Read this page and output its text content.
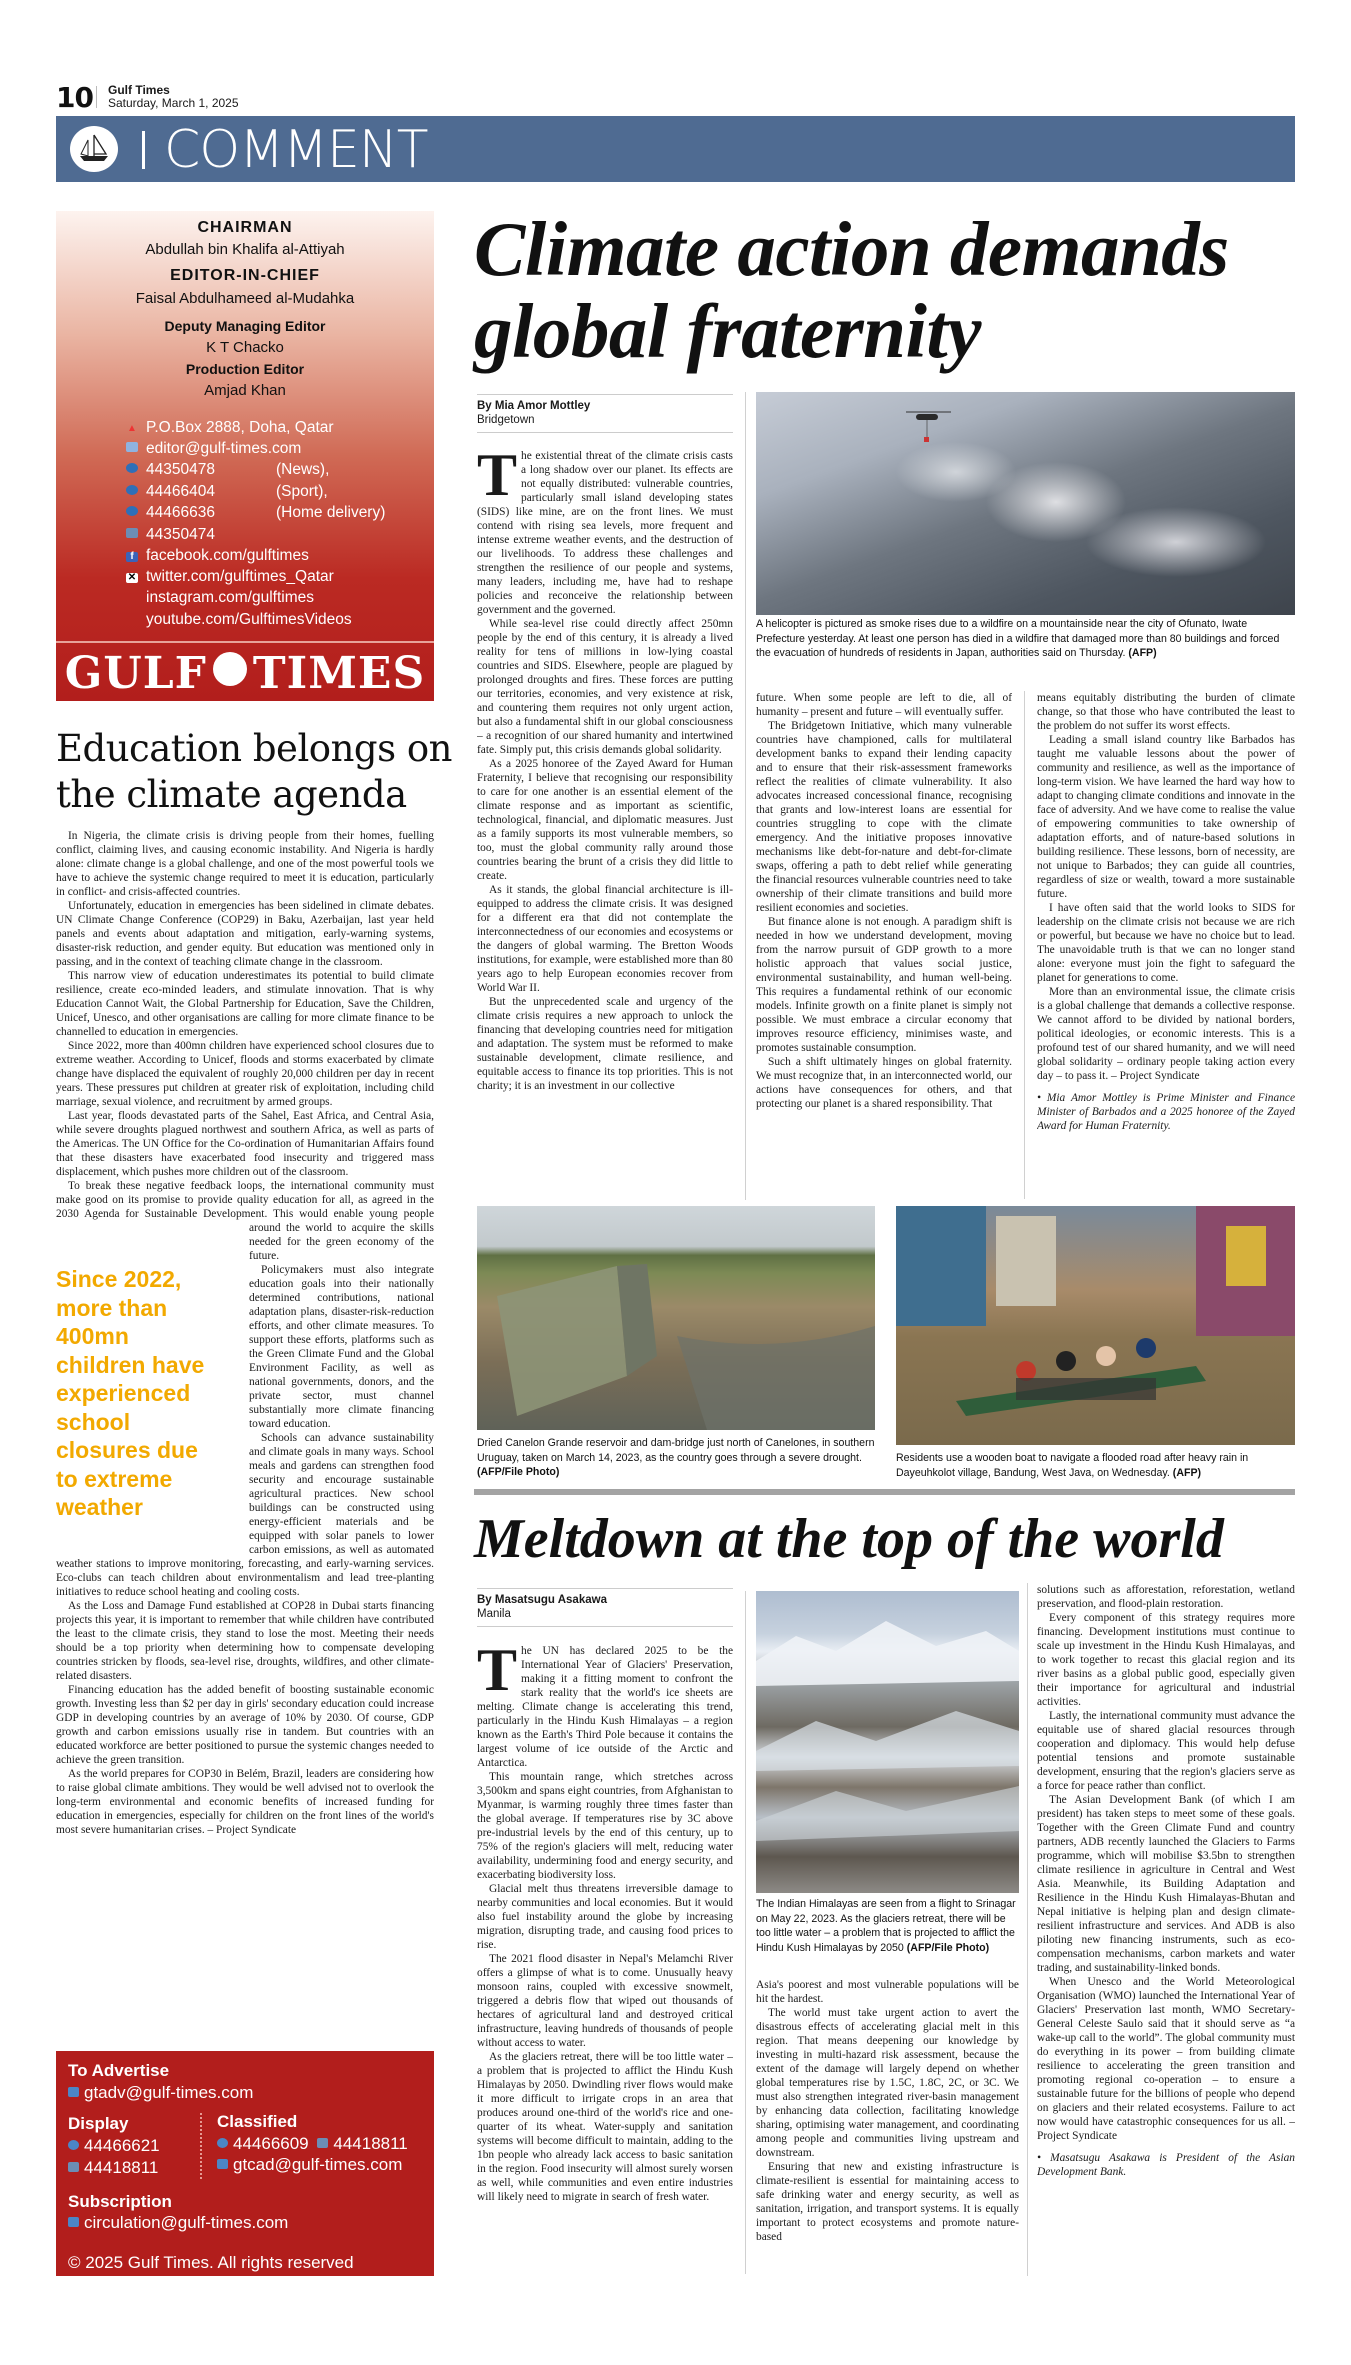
10 Gulf Times
Saturday, March 1, 2025
COMMENT
CHAIRMAN
Abdullah bin Khalifa al-Attiyah
EDITOR-IN-CHIEF
Faisal Abdulhameed al-Mudahka
Deputy Managing Editor
K T Chacko
Production Editor
Amjad Khan
▲ P.O.Box 2888, Doha, Qatar
editor@gulf-times.com
44350478	(News),
44466404	(Sport),
44466636	(Home delivery)
44350474
f facebook.com/gulftimes
✕ twitter.com/gulftimes_Qatar
instagram.com/gulftimes
youtube.com/GulftimesVideos
GULF TIMES
Education belongs on the climate agenda
Since 2022,
more than
400mn
children have
experienced
school
closures due
to extreme
weather

In Nigeria, the climate crisis is driving people from their homes, fuelling conflict, claiming lives, and causing economic instability. And Nigeria is hardly alone: climate change is a global challenge, and one of the most powerful tools we have to achieve the systemic change required to meet it is education, particularly in conflict- and crisis-affected countries.

Unfortunately, education in emergencies has been sidelined in climate debates. UN Climate Change Conference (COP29) in Baku, Azerbaijan, last year held panels and events about adaptation and mitigation, early-warning systems, disaster-risk reduction, and gender equity. But education was mentioned only in passing, and in the context of teaching climate change in the classroom.

This narrow view of education underestimates its potential to build climate resilience, create eco-minded leaders, and stimulate innovation. That is why Education Cannot Wait, the Global Partnership for Education, Save the Children, Unicef, Unesco, and other organisations are calling for more climate finance to be channelled to education in emergencies.

Since 2022, more than 400mn children have experienced school closures due to extreme weather. According to Unicef, floods and storms exacerbated by climate change have displaced the equivalent of roughly 20,000 children per day in recent years. These pressures put children at greater risk of exploitation, including child marriage, sexual violence, and recruitment by armed groups.

Last year, floods devastated parts of the Sahel, East Africa, and Central Asia, while severe droughts plagued northwest and southern Africa, as well as parts of the Americas. The UN Office for the Co-ordination of Humanitarian Affairs found that these disasters have exacerbated food insecurity and triggered mass displacement, which pushes more children out of the classroom.

To break these negative feedback loops, the international community must make good on its promise to provide quality education for all, as agreed in the 2030 Agenda for Sustainable Development. This would enable young people around the world to acquire the skills needed for the green economy of the future.

Policymakers must also integrate education goals into their nationally determined contributions, national adaptation plans, disaster-risk-reduction efforts, and other climate measures. To support these efforts, platforms such as the Green Climate Fund and the Global Environment Facility, as well as national governments, donors, and the private sector, must channel substantially more climate financing toward education.

Schools can advance sustainability and climate goals in many ways. School meals and gardens can strengthen food security and encourage sustainable agricultural practices. New school buildings can be constructed using energy-efficient materials and be equipped with solar panels to lower carbon emissions, as well as automated weather stations to improve monitoring, forecasting, and early-warning services. Eco-clubs can teach children about environmentalism and lead tree-planting initiatives to reduce school heating and cooling costs.

As the Loss and Damage Fund established at COP28 in Dubai starts financing projects this year, it is important to remember that while children have contributed the least to the climate crisis, they stand to lose the most. Meeting their needs should be a top priority when determining how to compensate developing countries stricken by floods, sea-level rise, droughts, wildfires, and other climate-related disasters.

Financing education has the added benefit of boosting sustainable economic growth. Investing less than $2 per day in girls' secondary education could increase GDP in developing countries by an average of 10% by 2030. Of course, GDP growth and carbon emissions usually rise in tandem. But countries with an educated workforce are better positioned to pursue the systemic changes needed to achieve the green transition.

As the world prepares for COP30 in Belém, Brazil, leaders are considering how to raise global climate ambitions. They would be well advised not to overlook the long-term environmental and economic benefits of increased funding for education in emergencies, especially for children on the front lines of the world's most severe humanitarian crises. – Project Syndicate

To Advertise
gtadv@gulf-times.com
Display
44466621
44418811
Classified
44466609 44418811
gtcad@gulf-times.com
Subscription
circulation@gulf-times.com
© 2025 Gulf Times. All rights reserved
Climate action demands global fraternity
By Mia Amor Mottley
Bridgetown
T he existential threat of the climate crisis casts a long shadow over our planet. Its effects are not equally distributed: vulnerable countries, particularly small island developing states (SIDS) like mine, are on the front lines. We must contend with rising sea levels, more frequent and intense extreme weather events, and the destruction of our livelihoods. To address these challenges and strengthen the resilience of our people and systems, many leaders, including me, have had to reshape policies and reconceive the relationship between government and the governed.

While sea-level rise could directly affect 250mn people by the end of this century, it is already a lived reality for tens of millions in low-lying coastal countries and SIDS. Elsewhere, people are plagued by prolonged droughts and fires. These forces are putting our territories, economies, and very existence at risk, and countering them requires not only urgent action, but also a fundamental shift in our global consciousness – a recognition of our shared humanity and intertwined fate. Simply put, this crisis demands global solidarity.

As a 2025 honoree of the Zayed Award for Human Fraternity, I believe that recognising our responsibility to care for one another is an essential element of the climate response and as important as scientific, technological, financial, and diplomatic measures. Just as a family supports its most vulnerable members, so too, must the global community rally around those countries bearing the brunt of a crisis they did little to create.

As it stands, the global financial architecture is ill-equipped to address the climate crisis. It was designed for a different era that did not contemplate the interconnectedness of our economies and ecosystems or the dangers of global warming. The Bretton Woods institutions, for example, were established more than 80 years ago to help European economies recover from World War II.

But the unprecedented scale and urgency of the climate crisis requires a new approach to unlock the financing that developing countries need for mitigation and adaptation. The system must be reformed to make sustainable development, climate resilience, and equitable access to finance its top priorities. This is not charity; it is an investment in our collective

A helicopter is pictured as smoke rises due to a wildfire on a mountainside near the city of Ofunato, Iwate Prefecture yesterday. At least one person has died in a wildfire that damaged more than 80 buildings and forced the evacuation of hundreds of residents in Japan, authorities said on Thursday. (AFP)

future. When some people are left to die, all of humanity – present and future – will eventually suffer.

The Bridgetown Initiative, which many vulnerable countries have championed, calls for multilateral development banks to expand their lending capacity and to ensure that their risk-assessment frameworks reflect the realities of climate vulnerability. It also advocates increased concessional finance, recognising that grants and low-interest loans are essential for countries struggling to cope with the climate emergency. And the initiative proposes innovative mechanisms like debt-for-nature and debt-for-climate swaps, offering a path to debt relief while generating the financial resources vulnerable countries need to take ownership of their climate transitions and build more resilient economies and societies.

But finance alone is not enough. A paradigm shift is needed in how we understand development, moving from the narrow pursuit of GDP growth to a more holistic approach that values social justice, environmental sustainability, and human well-being. This requires a fundamental rethink of our economic models. Infinite growth on a finite planet is simply not possible. We must embrace a circular economy that improves resource efficiency, minimises waste, and promotes sustainable consumption.

Such a shift ultimately hinges on global fraternity. We must recognize that, in an interconnected world, our actions have consequences for others, and that protecting our planet is a shared responsibility. That

means equitably distributing the burden of climate change, so that those who have contributed the least to the problem do not suffer its worst effects.

Leading a small island country like Barbados has taught me valuable lessons about the power of community and resilience, as well as the importance of long-term vision. We have learned the hard way how to adapt to changing climate conditions and innovate in the face of adversity. And we have come to realise the value of empowering communities to take ownership of adaptation efforts, and of nature-based solutions in building resilience. These lessons, born of necessity, are not unique to Barbados; they can guide all countries, regardless of size or wealth, toward a more sustainable future.

I have often said that the world looks to SIDS for leadership on the climate crisis not because we are rich or powerful, but because we have no choice but to lead. The unavoidable truth is that we can no longer stand alone: everyone must join the fight to safeguard the planet for generations to come.

More than an environmental issue, the climate crisis is a global challenge that demands a collective response. We cannot afford to be divided by national borders, political ideologies, or economic interests. This is a profound test of our shared humanity, and we will need global solidarity – ordinary people taking action every day – to pass it. – Project Syndicate

• Mia Amor Mottley is Prime Minister and Finance Minister of Barbados and a 2025 honoree of the Zayed Award for Human Fraternity.

Dried Canelon Grande reservoir and dam-bridge just north of Canelones, in southern Uruguay, taken on March 14, 2023, as the country goes through a severe drought. (AFP/File Photo)
Residents use a wooden boat to navigate a flooded road after heavy rain in Dayeuhkolot village, Bandung, West Java, on Wednesday. (AFP)
Meltdown at the top of the world
By Masatsugu Asakawa
Manila
T he UN has declared 2025 to be the International Year of Glaciers' Preservation, making it a fitting moment to confront the stark reality that the world's ice sheets are melting. Climate change is accelerating this trend, particularly in the Hindu Kush Himalayas – a region known as the Earth's Third Pole because it contains the largest volume of ice outside of the Arctic and Antarctica.

This mountain range, which stretches across 3,500km and spans eight countries, from Afghanistan to Myanmar, is warming roughly three times faster than the global average. If temperatures rise by 3C above pre-industrial levels by the end of this century, up to 75% of the region's glaciers will melt, reducing water availability, undermining food and energy security, and exacerbating biodiversity loss.

Glacial melt thus threatens irreversible damage to nearby communities and local economies. But it would also fuel instability around the globe by increasing migration, disrupting trade, and causing food prices to rise.

The 2021 flood disaster in Nepal's Melamchi River offers a glimpse of what is to come. Unusually heavy monsoon rains, coupled with excessive snowmelt, triggered a debris flow that wiped out thousands of hectares of agricultural land and destroyed critical infrastructure, leaving hundreds of thousands of people without access to water.

As the glaciers retreat, there will be too little water – a problem that is projected to afflict the Hindu Kush Himalayas by 2050. Dwindling river flows would make it more difficult to irrigate crops in an area that produces around one-third of the world's rice and one-quarter of its wheat. Water-supply and sanitation systems will become difficult to maintain, adding to the 1bn people who already lack access to basic sanitation in the region. Food insecurity will almost surely worsen as well, while communities and even entire industries will likely need to migrate in search of fresh water.

The Indian Himalayas are seen from a flight to Srinagar on May 22, 2023. As the glaciers retreat, there will be too little water – a problem that is projected to afflict the Hindu Kush Himalayas by 2050 (AFP/File Photo)

Asia's poorest and most vulnerable populations will be hit the hardest.

The world must take urgent action to avert the disastrous effects of accelerating glacial melt in this region. That means deepening our knowledge by investing in multi-hazard risk assessment, because the extent of the damage will largely depend on whether global temperatures rise by 1.5C, 1.8C, 2C, or 3C. We must also strengthen integrated river-basin management by enhancing data collection, facilitating knowledge sharing, optimising water management, and coordinating among people and communities living upstream and downstream.

Ensuring that new and existing infrastructure is climate-resilient is essential for maintaining access to safe drinking water and energy security, as well as sanitation, irrigation, and transport systems. It is equally important to protect ecosystems and promote nature-based

solutions such as afforestation, reforestation, wetland preservation, and flood-plain restoration.

Every component of this strategy requires more financing. Development institutions must continue to scale up investment in the Hindu Kush Himalayas, and to work together to recast this glacial region and its river basins as a global public good, especially given their importance for agricultural and industrial activities.

Lastly, the international community must advance the equitable use of shared glacial resources through cooperation and diplomacy. This would help defuse potential tensions and promote sustainable development, ensuring that the region's glaciers serve as a force for peace rather than conflict.

The Asian Development Bank (of which I am president) has taken steps to meet some of these goals. Together with the Green Climate Fund and country partners, ADB recently launched the Glaciers to Farms programme, which will mobilise $3.5bn to strengthen climate resilience in agriculture in Central and West Asia. Meanwhile, its Building Adaptation and Resilience in the Hindu Kush Himalayas-Bhutan and Nepal initiative is helping plan and design climate-resilient infrastructure and services. And ADB is also piloting new financing instruments, such as eco-compensation mechanisms, carbon markets and water trading, and sustainability-linked bonds.

When Unesco and the World Meteorological Organisation (WMO) launched the International Year of Glaciers' Preservation last month, WMO Secretary-General Celeste Saulo said that it should serve as “a wake-up call to the world”. The global community must do everything in its power – from building climate resilience to accelerating the green transition and promoting regional co-operation – to ensure a sustainable future for the billions of people who depend on glaciers and their related ecosystems. Failure to act now would have catastrophic consequences for us all. – Project Syndicate

• Masatsugu Asakawa is President of the Asian Development Bank.
